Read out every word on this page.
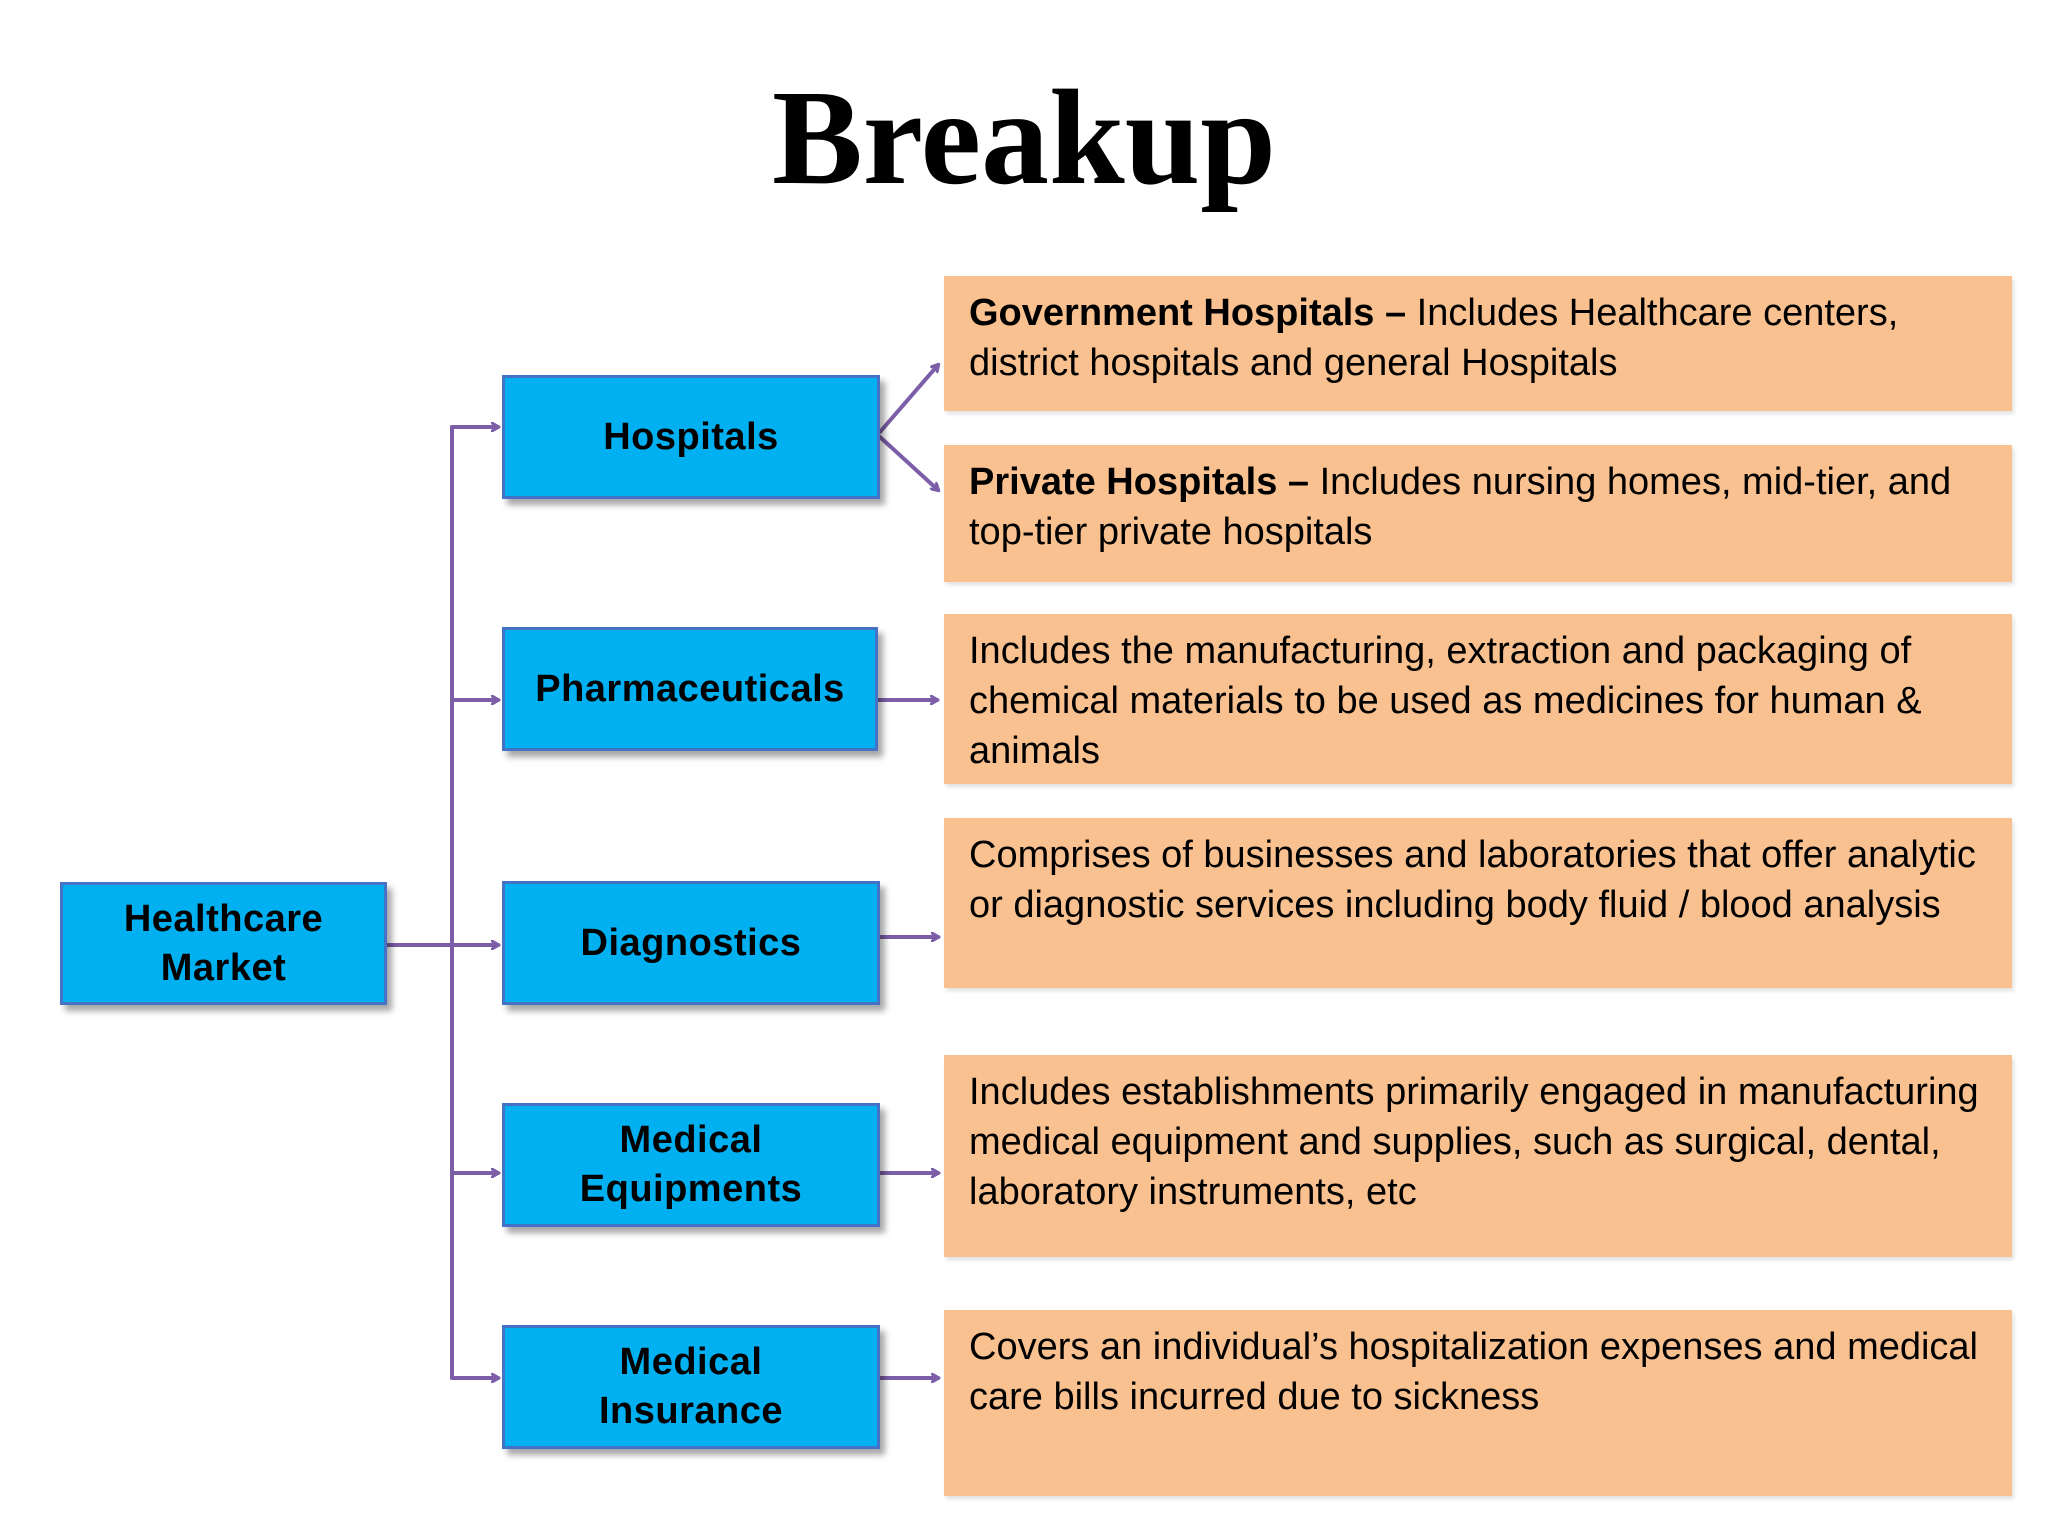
Breakup
Healthcare Market
Hospitals
Pharmaceuticals
Diagnostics
Medical Equipments
Medical Insurance
Government Hospitals – Includes Healthcare centers, district hospitals and general Hospitals
Private Hospitals – Includes nursing homes, mid-tier, and top-tier private hospitals
Includes the manufacturing, extraction and packaging of chemical materials to be used as medicines for human & animals
Comprises of businesses and laboratories that offer analytic or diagnostic services including body fluid / blood analysis
Includes establishments primarily engaged in manufacturing medical equipment and supplies, such as surgical, dental, laboratory instruments, etc
Covers an individual’s hospitalization expenses and medical care bills incurred due to sickness
